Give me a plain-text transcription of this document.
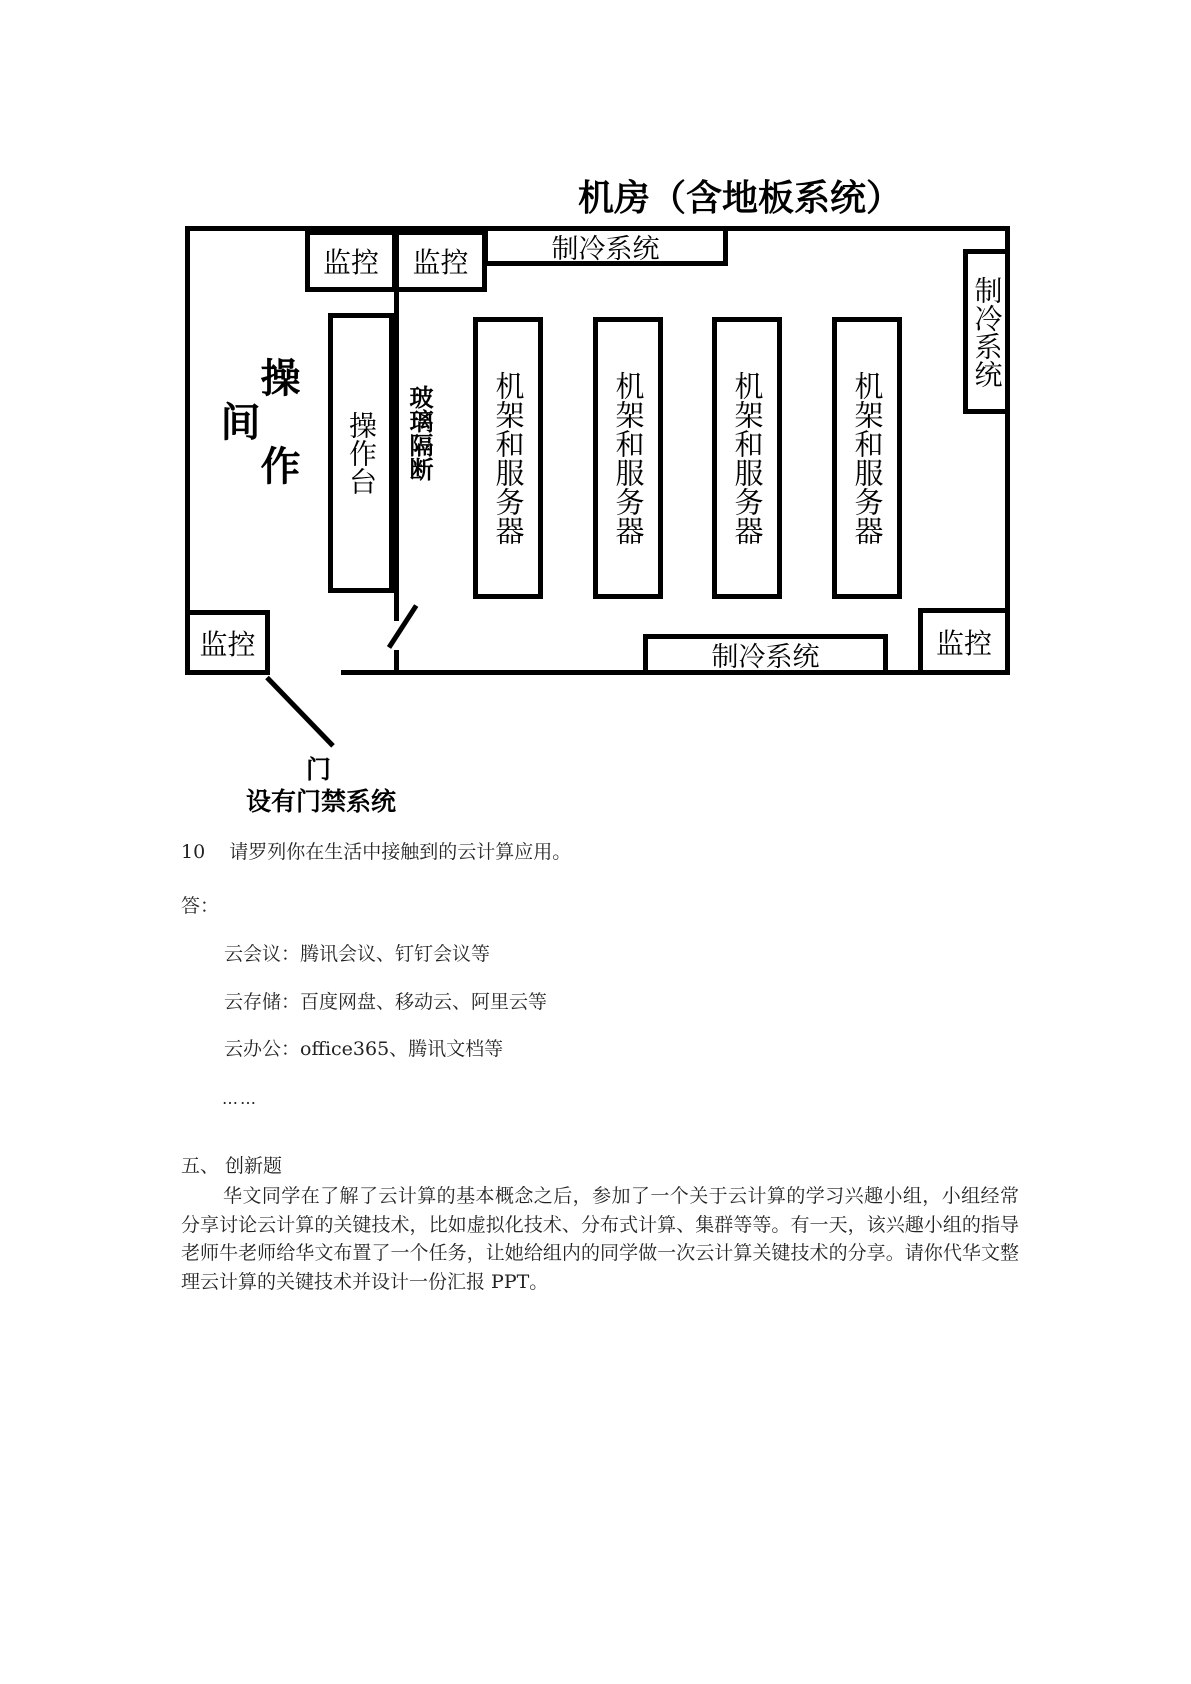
机房（含地板系统）
操作间
监控 监控
监控	监控
制冷系统
制冷系统
制冷系统
操作台 玻璃隔断 机架和服务器	机架和服务器	机架和服务器	机架和服务器
门
设有门禁系统
10 请罗列你在生活中接触到的云计算应用。
答：
云会议：腾讯会议、钉钉会议等
云存储：百度网盘、移动云、阿里云等
云办公：office365、腾讯文档等
……
五、 创新题
华文同学在了解了云计算的基本概念之后，参加了一个关于云计算的学习兴趣小组，小组经常分享讨论云计算的关键技术，比如虚拟化技术、分布式计算、集群等等。有一天，该兴趣小组的指导老师牛老师给华文布置了一个任务，让她给组内的同学做一次云计算关键技术的分享。请你代华文整理云计算的关键技术并设计一份汇报 PPT。
